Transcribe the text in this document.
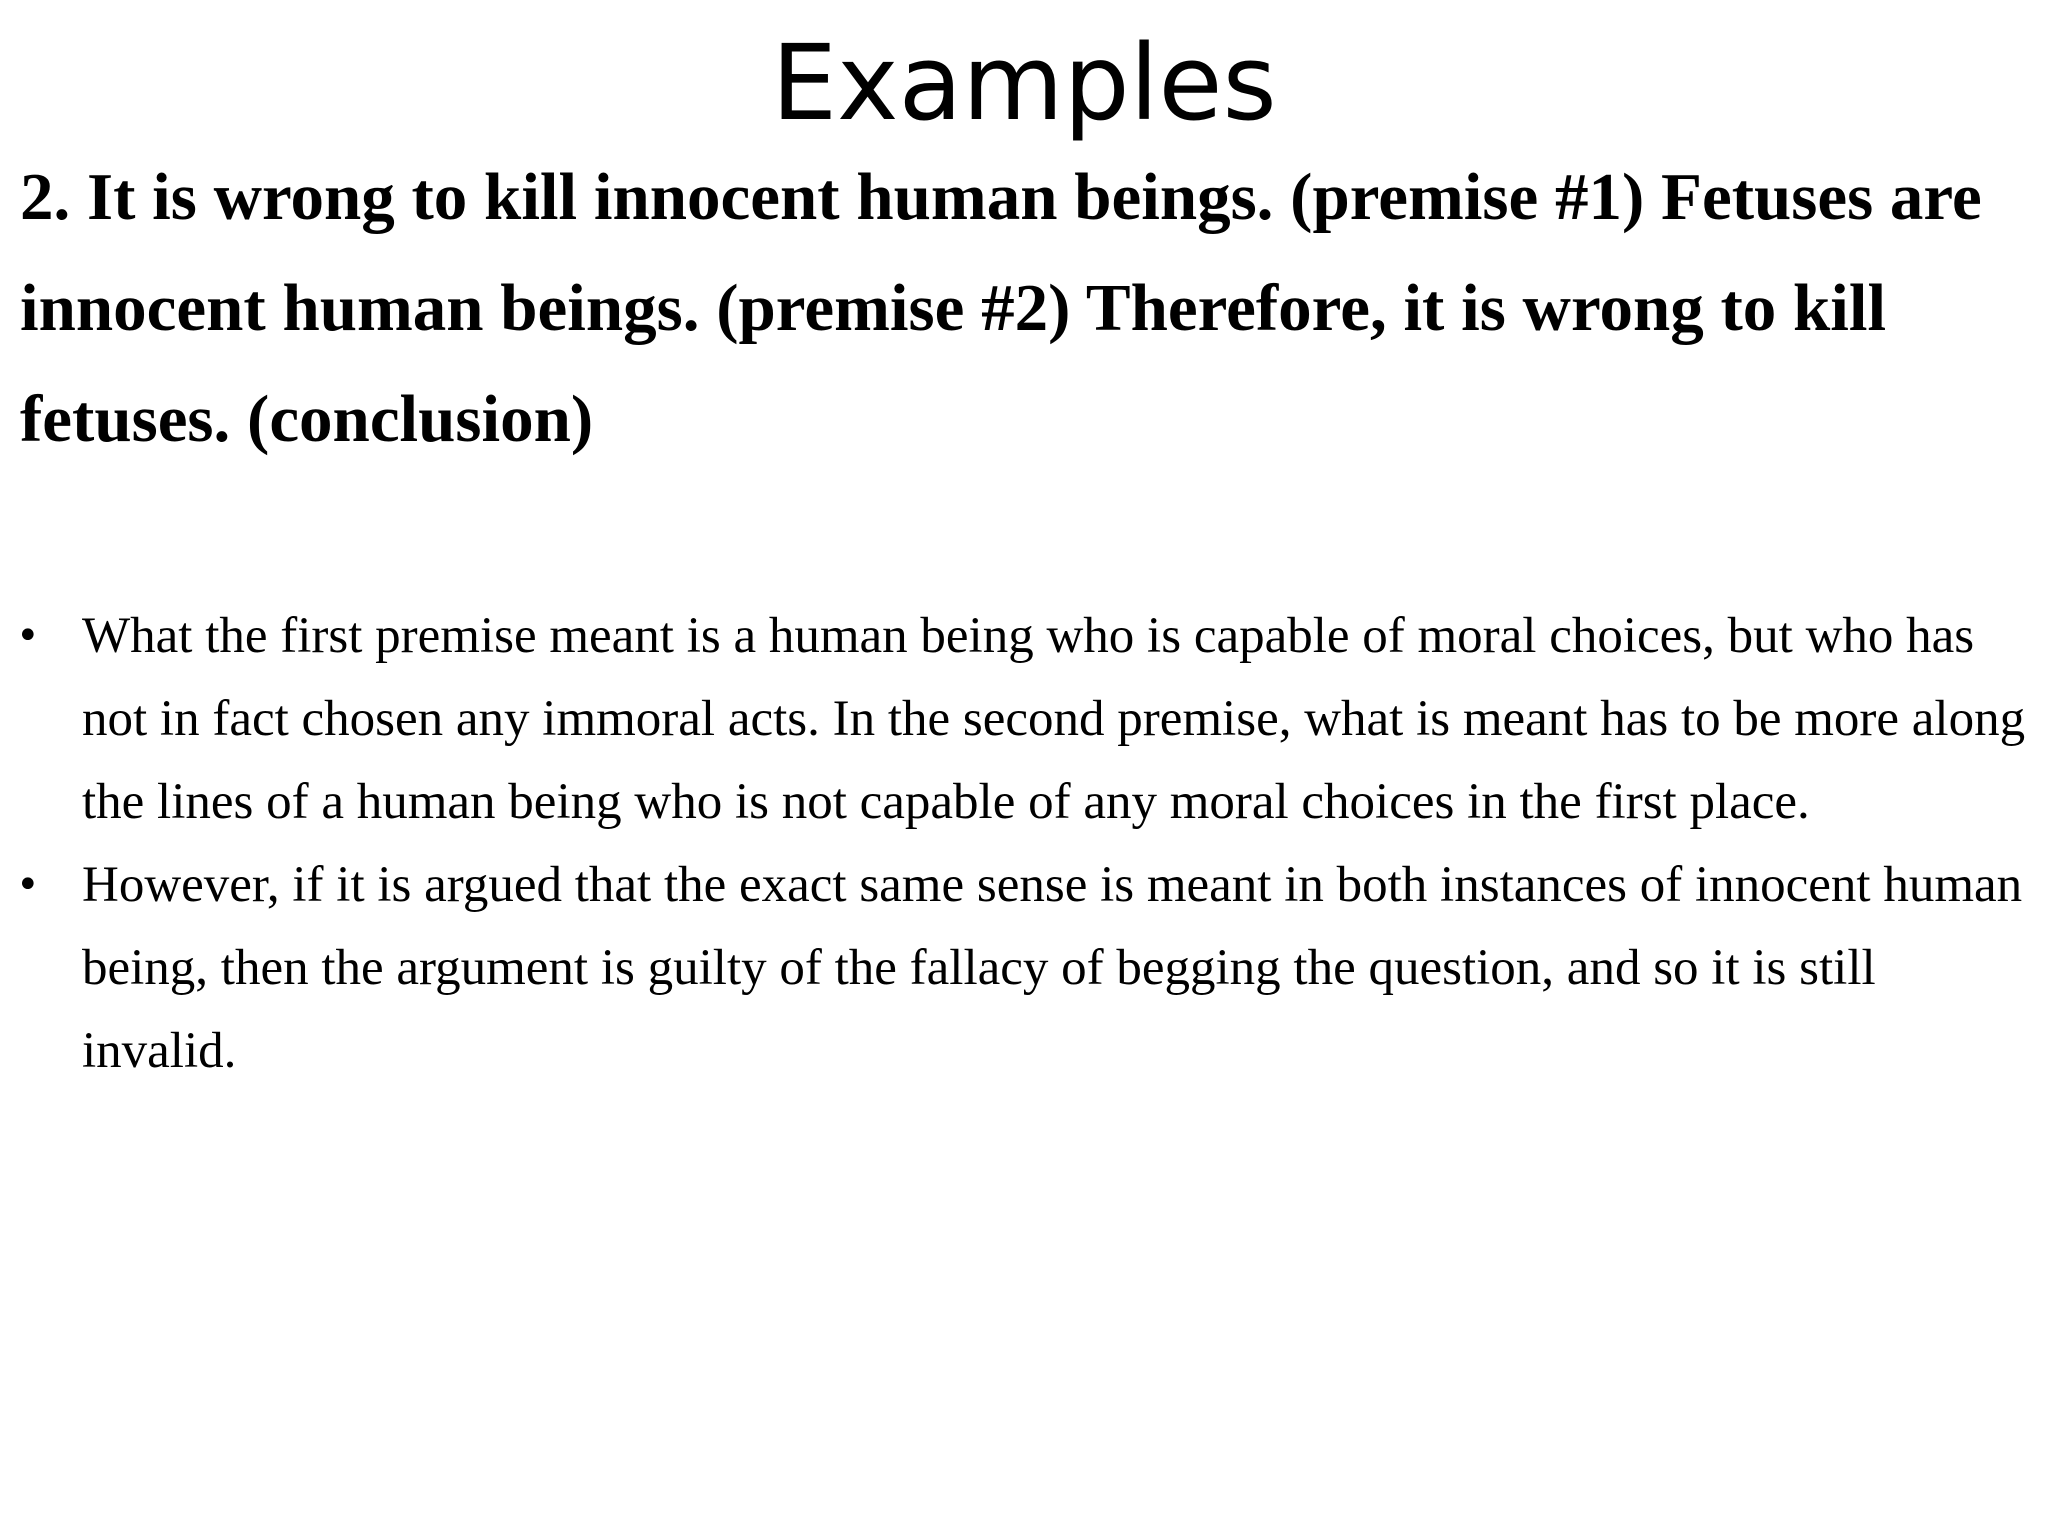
Examples

2. It is wrong to kill innocent human beings. (premise #1) Fetuses are innocent human beings. (premise #2) Therefore, it is wrong to kill fetuses. (conclusion)

• What the first premise meant is a human being who is capable of moral choices, but who has not in fact chosen any immoral acts. In the second premise, what is meant has to be more along the lines of a human being who is not capable of any moral choices in the first place.
• However, if it is argued that the exact same sense is meant in both instances of innocent human being, then the argument is guilty of the fallacy of begging the question, and so it is still invalid.
